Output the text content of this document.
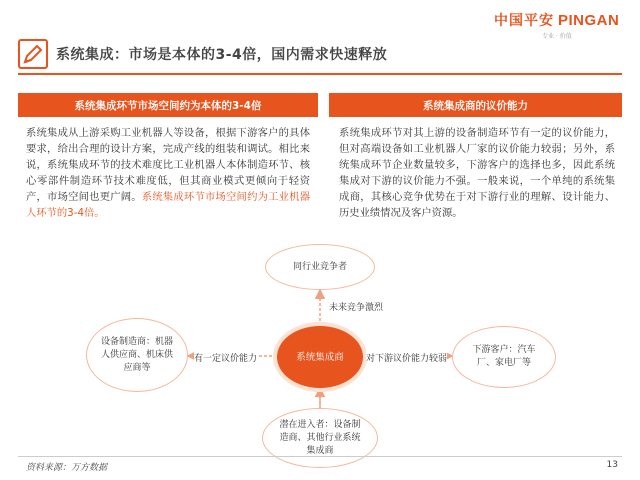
中国平安 PINGAN
专业 · 价值
系统集成：市场是本体的3-4倍，国内需求快速释放
系统集成环节市场空间约为本体的3-4倍
系统集成从上游采购工业机器人等设备，根据下游客户的具体要求，给出合理的设计方案，完成产线的组装和调试。相比来说，系统集成环节的技术难度比工业机器人本体制造环节、核心零部件制造环节技术难度低，但其商业模式更倾向于轻资产，市场空间也更广阔。系统集成环节市场空间约为工业机器人环节的3-4倍。
系统集成商的议价能力
系统集成环节对其上游的设备制造环节有一定的议价能力，但对高端设备如工业机器人厂家的议价能力较弱；另外，系统集成环节企业数量较多，下游客户的选择也多，因此系统集成对下游的议价能力不强。一般来说，一个单纯的系统集成商，其核心竞争优势在于对下游行业的理解、设计能力、历史业绩情况及客户资源。
同行业竞争者
设备制造商：机器人供应商、机床供应商等
系统集成商
下游客户：汽车厂、家电厂等
潜在进入者：设备制造商、其他行业系统集成商
未来竞争激烈
有一定议价能力	对下游议价能力较弱
资料来源：万方数据	13
